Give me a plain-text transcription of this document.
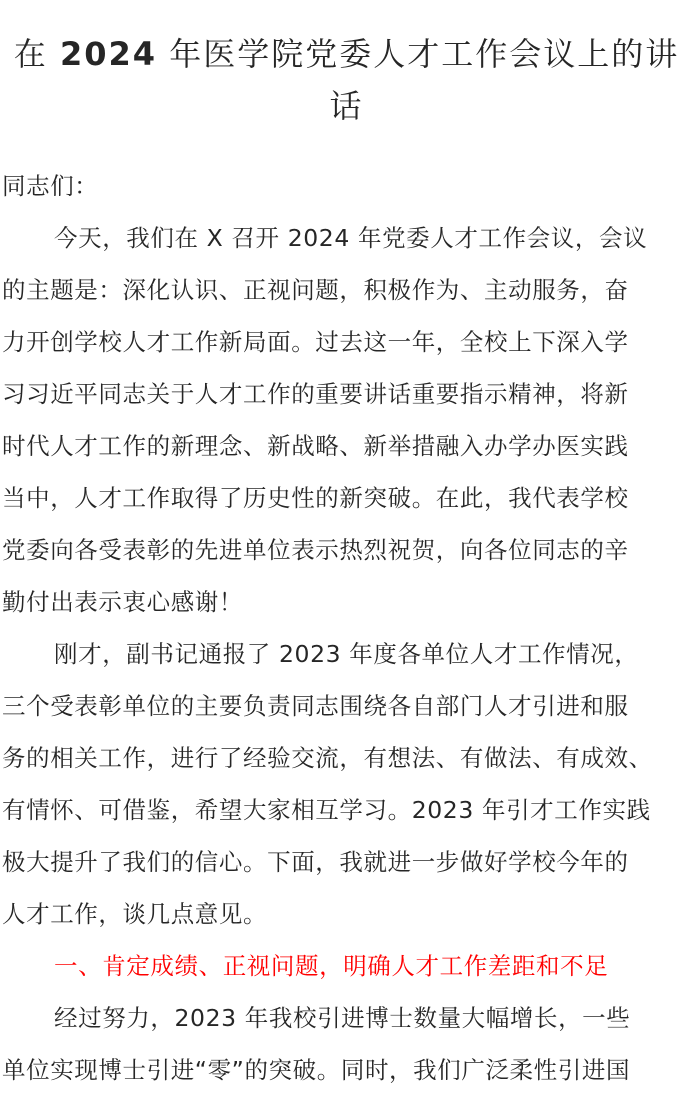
在 2024 年医学院党委人才工作会议上的讲
话
同志们：
今天，我们在 X 召开 2024 年党委人才工作会议，会议
的主题是：深化认识、正视问题，积极作为、主动服务，奋
力开创学校人才工作新局面。过去这一年，全校上下深入学
习习近平同志关于人才工作的重要讲话重要指示精神，将新
时代人才工作的新理念、新战略、新举措融入办学办医实践
当中，人才工作取得了历史性的新突破。在此，我代表学校
党委向各受表彰的先进单位表示热烈祝贺，向各位同志的辛
勤付出表示衷心感谢！
刚才，副书记通报了 2023 年度各单位人才工作情况，
三个受表彰单位的主要负责同志围绕各自部门人才引进和服
务的相关工作，进行了经验交流，有想法、有做法、有成效、
有情怀、可借鉴，希望大家相互学习。2023 年引才工作实践
极大提升了我们的信心。下面，我就进一步做好学校今年的
人才工作，谈几点意见。
一、肯定成绩、正视问题，明确人才工作差距和不足
经过努力，2023 年我校引进博士数量大幅增长，一些
单位实现博士引进“零”的突破。同时，我们广泛柔性引进国
